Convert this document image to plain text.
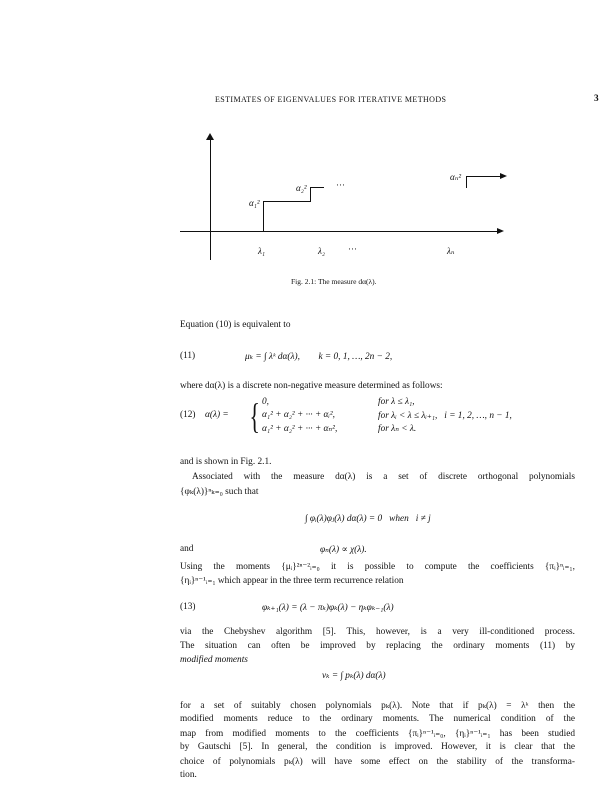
ESTIMATES OF EIGENVALUES FOR ITERATIVE METHODS	3
α₁²
α₂²	···
αₙ²
λ₁	λ₂	···	λₙ
Fig. 2.1: The measure dα(λ).
Equation (10) is equivalent to
(11)	μₖ = ∫ λᵏ dα(λ),        k = 0, 1, …, 2n − 2,
where dα(λ) is a discrete non-negative measure determined as follows:
(12) α(λ) = { 0,	for λ ≤ λ₁,
α₁² + α₂² + ··· + αᵢ²,	for λᵢ < λ ≤ λᵢ₊₁,   i = 1, 2, …, n − 1,
α₁² + α₂² + ··· + αₙ²,	for λₙ < λ.
and is shown in Fig. 2.1.
Associated with the measure dα(λ) is a set of discrete orthogonal polynomials
{φₖ(λ)}ⁿₖ₌₀ such that
∫ φᵢ(λ)φⱼ(λ) dα(λ) = 0   when   i ≠ j
and	φₙ(λ) ∝ χ(λ).
Using the moments {μᵢ}²ⁿ⁻²ᵢ₌₀ it is possible to compute the coefficients {πᵢ}ⁿᵢ₌₁,
{ηᵢ}ⁿ⁻¹ᵢ₌₁ which appear in the three term recurrence relation
(13)	φₖ₊₁(λ) = (λ − πₖ)φₖ(λ) − ηₖφₖ₋₁(λ)
via the Chebyshev algorithm [5]. This, however, is a very ill-conditioned process.
The situation can often be improved by replacing the ordinary moments (11) by
modified moments
νₖ = ∫ pₖ(λ) dα(λ)
for a set of suitably chosen polynomials pₖ(λ). Note that if pₖ(λ) = λᵏ then the
modified moments reduce to the ordinary moments. The numerical condition of the
map from modified moments to the coefficients {πᵢ}ⁿ⁻¹ᵢ₌₀, {ηᵢ}ⁿ⁻¹ᵢ₌₁ has been studied
by Gautschi [5]. In general, the condition is improved. However, it is clear that the
choice of polynomials pₖ(λ) will have some effect on the stability of the transforma-
tion.
